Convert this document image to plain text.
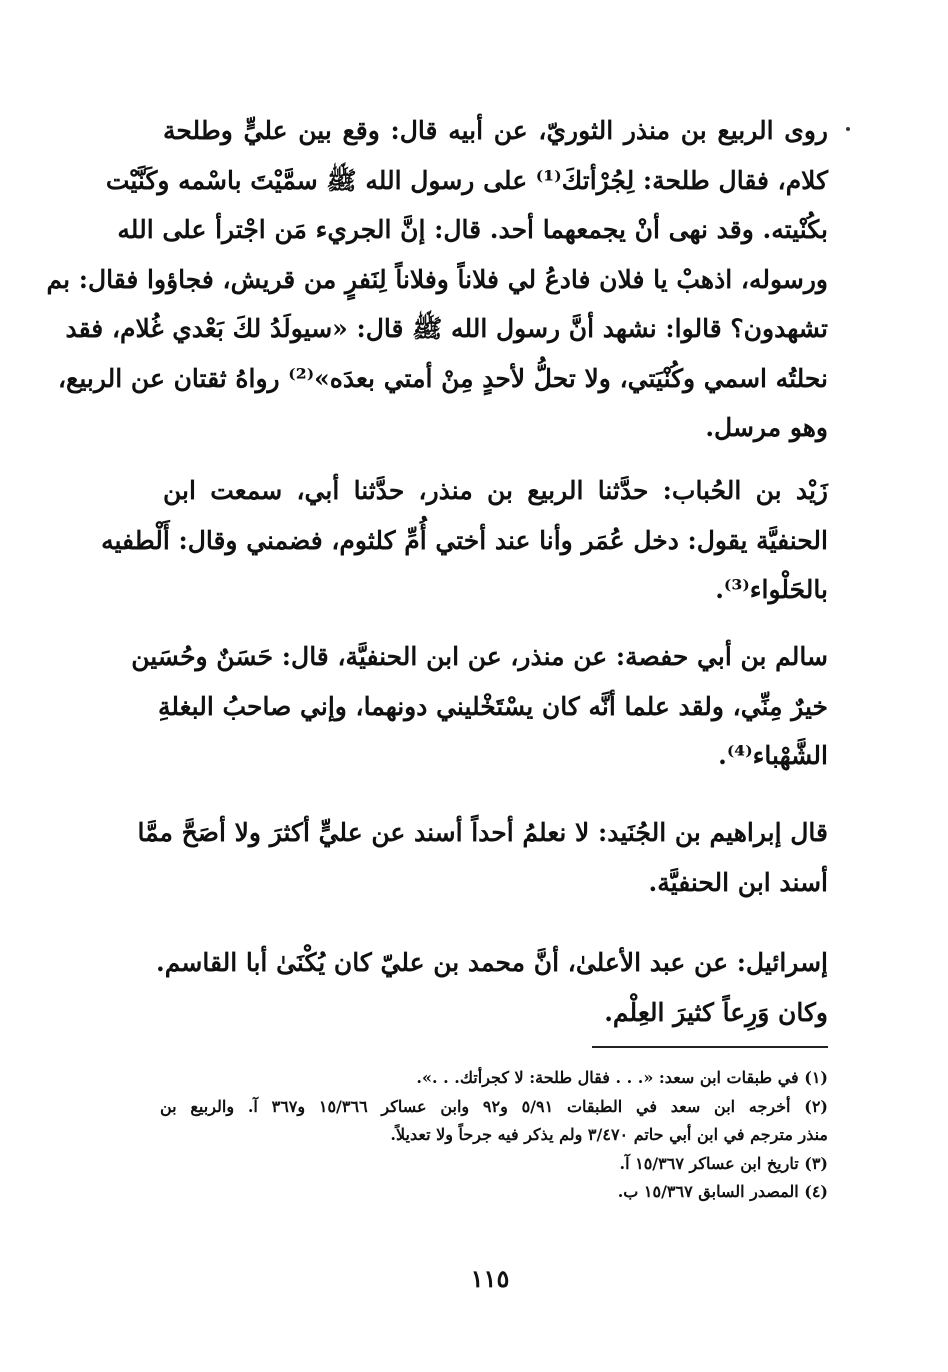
روى الربيع بن منذر الثوريّ، عن أبيه قال: وقع بين عليٍّ وطلحة
كلام، فقال طلحة: لِجُرْأتكَ⁽¹⁾ على رسول الله ﷺ سمَّيْتَ باسْمه وكَنَّيْت
بكُنْيته. وقد نهى أنْ يجمعهما أحد. قال: إنَّ الجريء مَن اجْترأ على الله
ورسوله، اذهبْ يا فلان فادعُ لي فلاناً وفلاناً لِنَفرٍ من قريش، فجاؤوا فقال: بم
تشهدون؟ قالوا: نشهد أنَّ رسول الله ﷺ قال: «سيولَدُ لكَ بَعْدي غُلام، فقد
نحلتُه اسمي وكُنْيَتي، ولا تحلُّ لأحدٍ مِنْ أمتي بعدَه»⁽²⁾ رواهُ ثقتان عن الربيع،
وهو مرسل.
زَيْد بن الحُباب: حدَّثنا الربيع بن منذر، حدَّثنا أبي، سمعت ابن
الحنفيَّة يقول: دخل عُمَر وأنا عند أختي أُمِّ كلثوم، فضمني وقال: أَلْطفيه
بالحَلْواء⁽³⁾.
سالم بن أبي حفصة: عن منذر، عن ابن الحنفيَّة، قال: حَسَنٌ وحُسَين
خيرٌ مِنِّي، ولقد علما أنَّه كان يسْتَخْليني دونهما، وإني صاحبُ البغلةِ
الشَّهْباء⁽⁴⁾.
قال إبراهيم بن الجُنَيد: لا نعلمُ أحداً أسند عن عليٍّ أكثرَ ولا أصَحَّ ممَّا
أسند ابن الحنفيَّة.
إسرائيل: عن عبد الأعلىٰ، أنَّ محمد بن عليّ كان يُكْنَىٰ أبا القاسم.
وكان وَرِعاً كثيرَ العِلْم.
(١) في طبقات ابن سعد: «. . . فقال طلحة: لا كجرأتك. . .».
(٢) أخرجه ابن سعد في الطبقات ٥/٩١ و٩٢ وابن عساكر ١٥/٣٦٦ و٣٦٧ آ. والربيع بن
منذر مترجم في ابن أبي حاتم ٣/٤٧٠ ولم يذكر فيه جرحاً ولا تعديلاً.
(٣) تاريخ ابن عساكر ١٥/٣٦٧ آ.
(٤) المصدر السابق ١٥/٣٦٧ ب.
١١٥
